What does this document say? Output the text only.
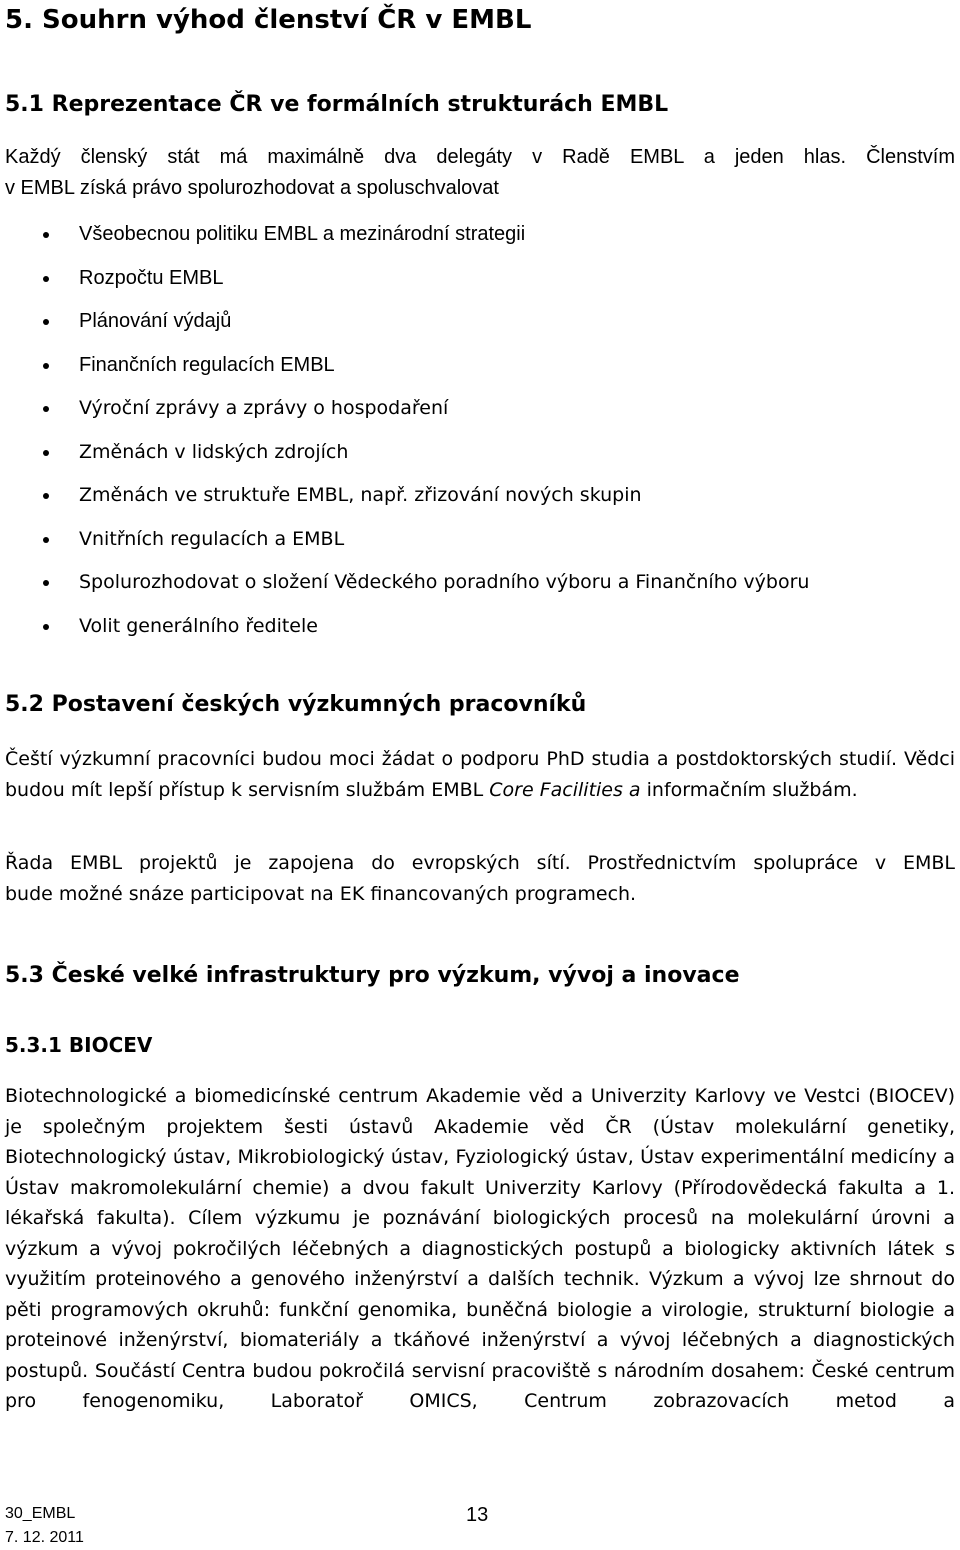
5. Souhrn výhod členství ČR v EMBL
5.1 Reprezentace ČR ve formálních strukturách EMBL
Každý členský stát má maximálně dva delegáty v Radě EMBL a jeden hlas. Členstvím
v EMBL získá právo spolurozhodovat a spoluschvalovat
Všeobecnou politiku EMBL a mezinárodní strategii
Rozpočtu EMBL
Plánování výdajů
Finančních regulacích EMBL
Výroční zprávy a zprávy o hospodaření
Změnách v lidských zdrojích
Změnách ve struktuře EMBL, např. zřizování nových skupin
Vnitřních regulacích a EMBL
Spolurozhodovat o složení Vědeckého poradního výboru a Finančního výboru
Volit generálního ředitele
5.2 Postavení českých výzkumných pracovníků

Čeští výzkumní pracovníci budou moci žádat o podporu PhD studia a postdoktorských studií. Vědci budou mít lepší přístup k servisním službám EMBL Core Facilities a informačním službám.

Řada EMBL projektů je zapojena do evropských sítí. Prostřednictvím spolupráce v EMBL
bude možné snáze participovat na EK financovaných programech.
5.3 České velké infrastruktury pro výzkum, vývoj a inovace
5.3.1 BIOCEV
Biotechnologické a biomedicínské centrum Akademie věd a Univerzity Karlovy ve Vestci (BIOCEV) je společným projektem šesti ústavů Akademie věd ČR (Ústav molekulární genetiky, Biotechnologický ústav, Mikrobiologický ústav, Fyziologický ústav, Ústav experimentální medicíny a Ústav makromolekulární chemie) a dvou fakult Univerzity Karlovy (Přírodovědecká fakulta a 1. lékařská fakulta). Cílem výzkumu je poznávání biologických procesů na molekulární úrovni a výzkum a vývoj pokročilých léčebných a diagnostických postupů a biologicky aktivních látek s využitím proteinového a genového inženýrství a dalších technik. Výzkum a vývoj lze shrnout do pěti programových okruhů: funkční genomika, buněčná biologie a virologie, strukturní biologie a proteinové inženýrství, biomateriály a tkáňové inženýrství a vývoj léčebných a diagnostických postupů. Součástí Centra budou pokročilá servisní pracoviště s národním dosahem: České centrum pro fenogenomiku, Laboratoř OMICS, Centrum zobrazovacích metod a
30_EMBL
7. 12. 2011
13
